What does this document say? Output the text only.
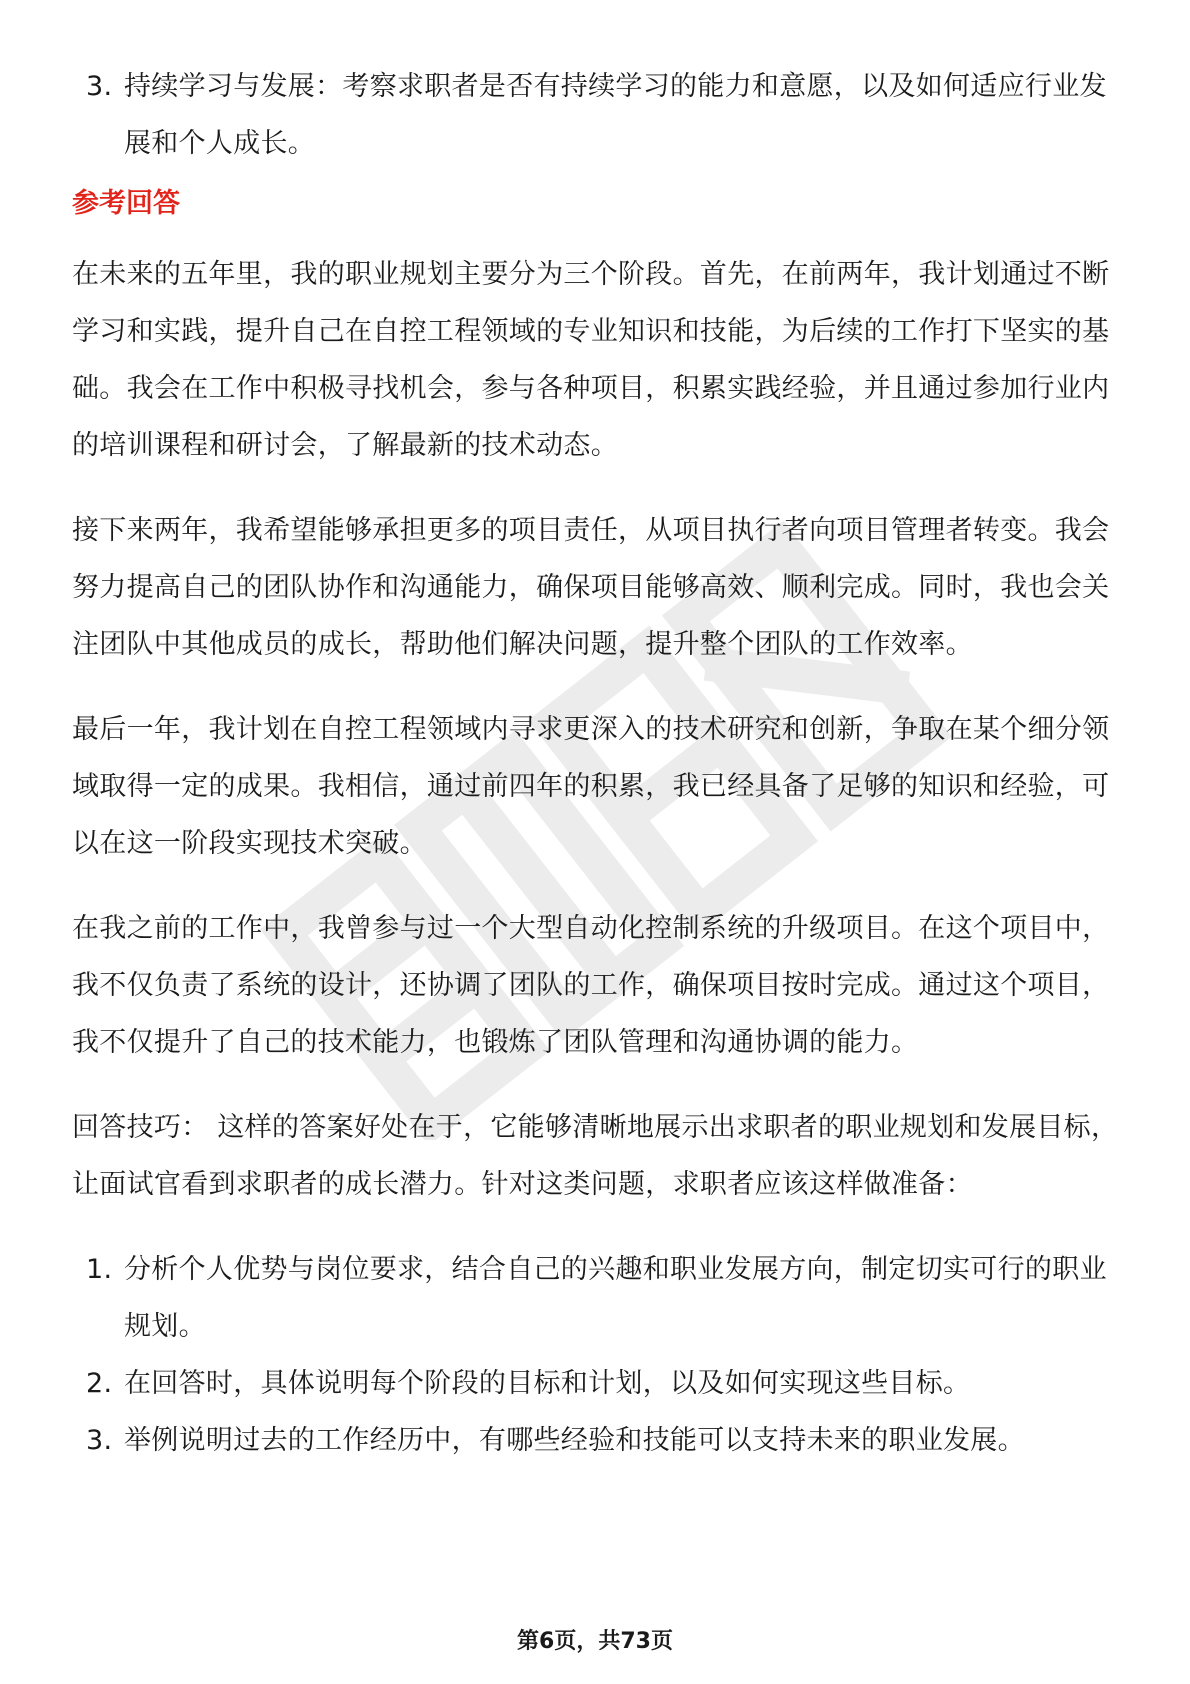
3. 持续学习与发展：考察求职者是否有持续学习的能力和意愿，以及如何适应行业发展和个人成长。
参考回答

在未来的五年里，我的职业规划主要分为三个阶段。首先，在前两年，我计划通过不断学习和实践，提升自己在自控工程领域的专业知识和技能，为后续的工作打下坚实的基础。我会在工作中积极寻找机会，参与各种项目，积累实践经验，并且通过参加行业内的培训课程和研讨会，了解最新的技术动态。

接下来两年，我希望能够承担更多的项目责任，从项目执行者向项目管理者转变。我会努力提高自己的团队协作和沟通能力，确保项目能够高效、顺利完成。同时，我也会关注团队中其他成员的成长，帮助他们解决问题，提升整个团队的工作效率。

最后一年，我计划在自控工程领域内寻求更深入的技术研究和创新，争取在某个细分领域取得一定的成果。我相信，通过前四年的积累，我已经具备了足够的知识和经验，可以在这一阶段实现技术突破。

在我之前的工作中，我曾参与过一个大型自动化控制系统的升级项目。在这个项目中，我不仅负责了系统的设计，还协调了团队的工作，确保项目按时完成。通过这个项目，我不仅提升了自己的技术能力，也锻炼了团队管理和沟通协调的能力。

回答技巧： 这样的答案好处在于，它能够清晰地展示出求职者的职业规划和发展目标，让面试官看到求职者的成长潜力。针对这类问题，求职者应该这样做准备：

1. 分析个人优势与岗位要求，结合自己的兴趣和职业发展方向，制定切实可行的职业规划。
2. 在回答时，具体说明每个阶段的目标和计划，以及如何实现这些目标。
3. 举例说明过去的工作经历中，有哪些经验和技能可以支持未来的职业发展。
第6页，共73页
